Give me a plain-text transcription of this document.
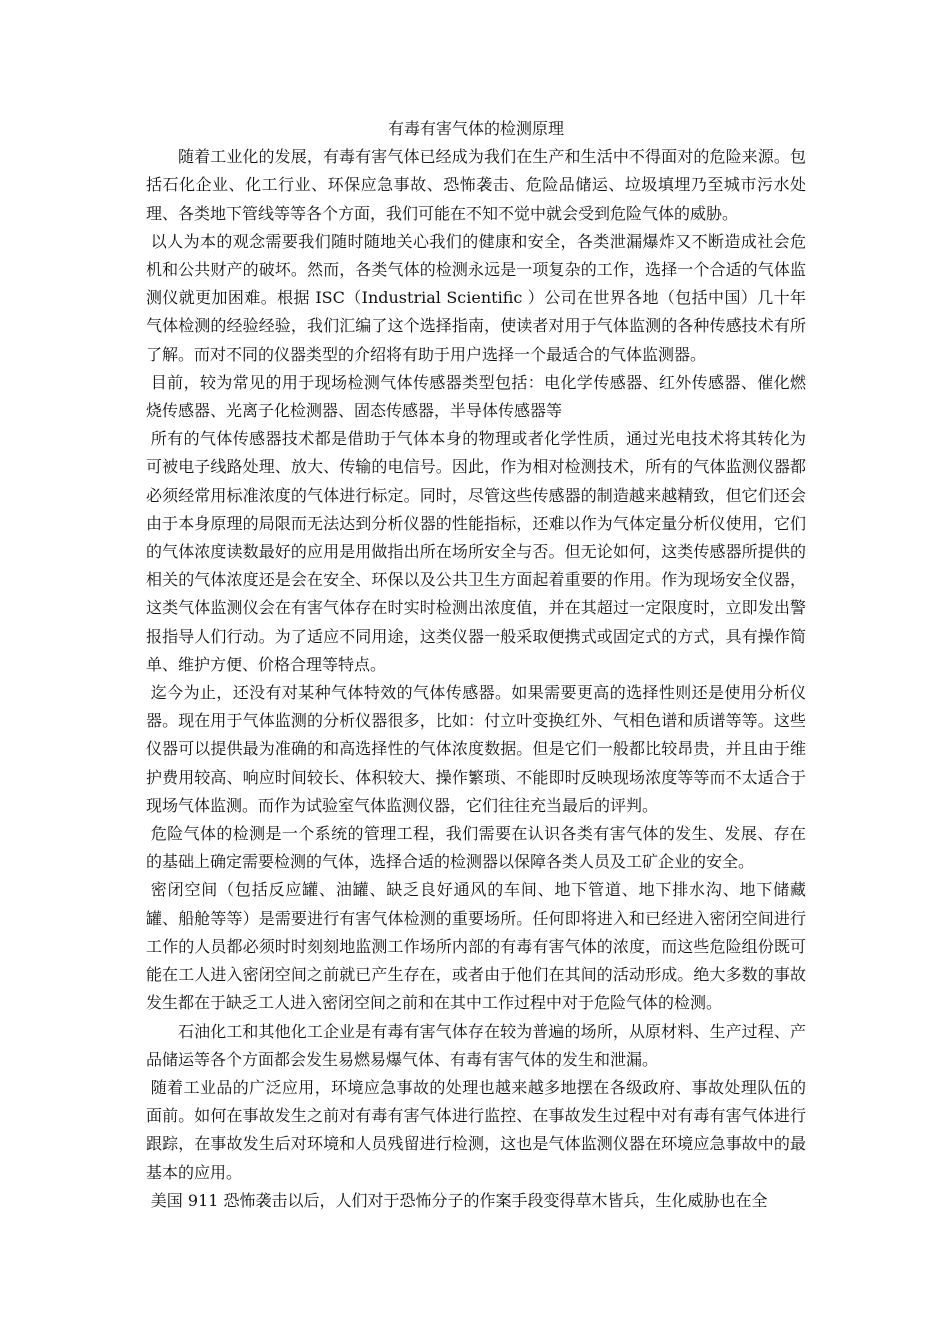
有毒有害气体的检测原理

随着工业化的发展，有毒有害气体已经成为我们在生产和生活中不得面对的危险来源。包括石化企业、化工行业、环保应急事故、恐怖袭击、危险品储运、垃圾填埋乃至城市污水处理、各类地下管线等等各个方面，我们可能在不知不觉中就会受到危险气体的威胁。

以人为本的观念需要我们随时随地关心我们的健康和安全，各类泄漏爆炸又不断造成社会危机和公共财产的破坏。然而，各类气体的检测永远是一项复杂的工作，选择一个合适的气体监测仪就更加困难。根据 ISC（Industrial Scientific ）公司在世界各地（包括中国）几十年气体检测的经验经验，我们汇编了这个选择指南，使读者对用于气体监测的各种传感技术有所了解。而对不同的仪器类型的介绍将有助于用户选择一个最适合的气体监测器。

目前，较为常见的用于现场检测气体传感器类型包括：电化学传感器、红外传感器、催化燃烧传感器、光离子化检测器、固态传感器，半导体传感器等

所有的气体传感器技术都是借助于气体本身的物理或者化学性质，通过光电技术将其转化为可被电子线路处理、放大、传输的电信号。因此，作为相对检测技术，所有的气体监测仪器都必须经常用标准浓度的气体进行标定。同时，尽管这些传感器的制造越来越精致，但它们还会由于本身原理的局限而无法达到分析仪器的性能指标，还难以作为气体定量分析仪使用，它们的气体浓度读数最好的应用是用做指出所在场所安全与否。但无论如何，这类传感器所提供的相关的气体浓度还是会在安全、环保以及公共卫生方面起着重要的作用。作为现场安全仪器，这类气体监测仪会在有害气体存在时实时检测出浓度值，并在其超过一定限度时，立即发出警报指导人们行动。为了适应不同用途，这类仪器一般采取便携式或固定式的方式，具有操作简单、维护方便、价格合理等特点。

迄今为止，还没有对某种气体特效的气体传感器。如果需要更高的选择性则还是使用分析仪器。现在用于气体监测的分析仪器很多，比如：付立叶变换红外、气相色谱和质谱等等。这些仪器可以提供最为准确的和高选择性的气体浓度数据。但是它们一般都比较昂贵，并且由于维护费用较高、响应时间较长、体积较大、操作繁琐、不能即时反映现场浓度等等而不太适合于现场气体监测。而作为试验室气体监测仪器，它们往往充当最后的评判。

危险气体的检测是一个系统的管理工程，我们需要在认识各类有害气体的发生、发展、存在的基础上确定需要检测的气体，选择合适的检测器以保障各类人员及工矿企业的安全。

密闭空间（包括反应罐、油罐、缺乏良好通风的车间、地下管道、地下排水沟、地下储藏罐、船舱等等）是需要进行有害气体检测的重要场所。任何即将进入和已经进入密闭空间进行工作的人员都必须时时刻刻地监测工作场所内部的有毒有害气体的浓度，而这些危险组份既可能在工人进入密闭空间之前就已产生存在，或者由于他们在其间的活动形成。绝大多数的事故发生都在于缺乏工人进入密闭空间之前和在其中工作过程中对于危险气体的检测。

石油化工和其他化工企业是有毒有害气体存在较为普遍的场所，从原材料、生产过程、产品储运等各个方面都会发生易燃易爆气体、有毒有害气体的发生和泄漏。

随着工业品的广泛应用，环境应急事故的处理也越来越多地摆在各级政府、事故处理队伍的面前。如何在事故发生之前对有毒有害气体进行监控、在事故发生过程中对有毒有害气体进行跟踪，在事故发生后对环境和人员残留进行检测，这也是气体监测仪器在环境应急事故中的最基本的应用。

美国 911 恐怖袭击以后，人们对于恐怖分子的作案手段变得草木皆兵，生化威胁也在全
